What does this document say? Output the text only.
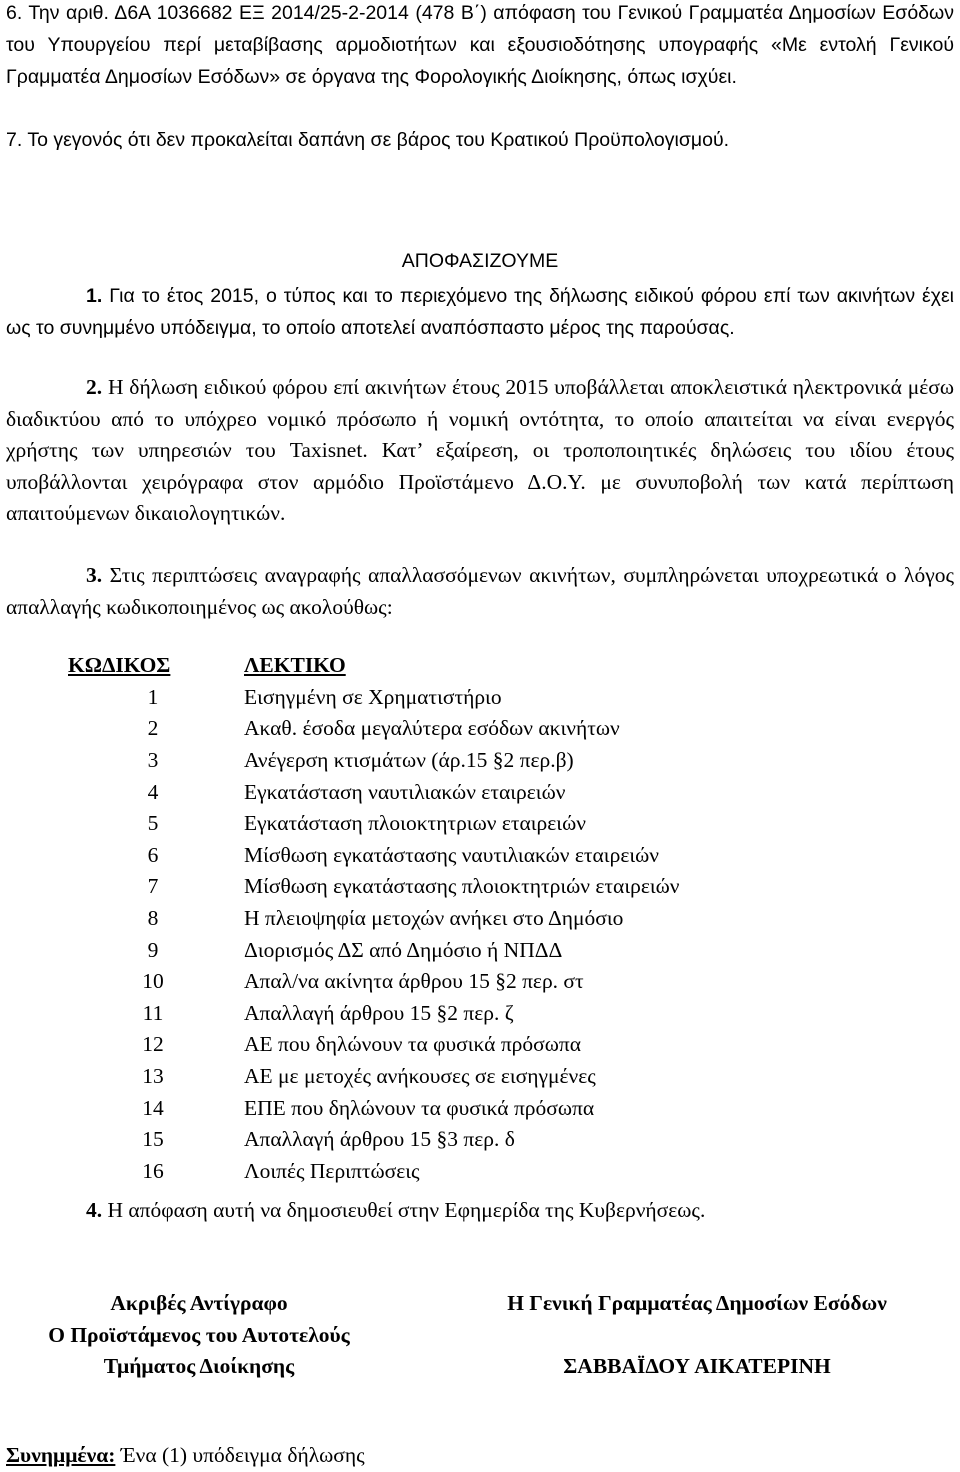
6. Την αριθ. Δ6Α 1036682 ΕΞ 2014/25-2-2014 (478 Β΄) απόφαση του Γενικού Γραμματέα Δημοσίων Εσόδων του Υπουργείου περί μεταβίβασης αρμοδιοτήτων και εξουσιοδότησης υπογραφής «Με εντολή Γενικού Γραμματέα Δημοσίων Εσόδων» σε όργανα της Φορολογικής Διοίκησης, όπως ισχύει.

7. Το γεγονός ότι δεν προκαλείται δαπάνη σε βάρος του Κρατικού Προϋπολογισμού.

ΑΠΟΦΑΣΙΖΟΥΜΕ

1. Για το έτος 2015, ο τύπος και το περιεχόμενο της δήλωσης ειδικού φόρου επί των ακινήτων έχει ως το συνημμένο υπόδειγμα, το οποίο αποτελεί αναπόσπαστο μέρος της παρούσας.

2. Η δήλωση ειδικού φόρου επί ακινήτων έτους 2015 υποβάλλεται αποκλειστικά ηλεκτρονικά μέσω διαδικτύου από το υπόχρεο νομικό πρόσωπο ή νομική οντότητα, το οποίο απαιτείται να είναι ενεργός χρήστης των υπηρεσιών του Taxisnet. Κατ’ εξαίρεση, οι τροποποιητικές δηλώσεις του ιδίου έτους υποβάλλονται χειρόγραφα στον αρμόδιο Προϊστάμενο Δ.Ο.Υ. με συνυποβολή των κατά περίπτωση απαιτούμενων δικαιολογητικών.

3. Στις περιπτώσεις αναγραφής απαλλασσόμενων ακινήτων, συμπληρώνεται υποχρεωτικά ο λόγος απαλλαγής κωδικοποιημένος ως ακολούθως:

ΚΩΔΙΚΟΣ	ΛΕΚΤΙΚΟ
1	Εισηγμένη σε Χρηματιστήριο
2	Ακαθ. έσοδα μεγαλύτερα εσόδων ακινήτων
3	Ανέγερση κτισμάτων (άρ.15 §2 περ.β)
4	Εγκατάσταση ναυτιλιακών εταιρειών
5	Εγκατάσταση πλοιοκτητριων εταιρειών
6	Μίσθωση εγκατάστασης ναυτιλιακών εταιρειών
7	Μίσθωση εγκατάστασης πλοιοκτητριών εταιρειών
8	Η πλειοψηφία μετοχών ανήκει στο Δημόσιο
9	Διορισμός ΔΣ από Δημόσιο ή ΝΠΔΔ
10	Απαλ/να ακίνητα άρθρου 15 §2 περ. στ
11	Απαλλαγή άρθρου 15 §2 περ. ζ
12	ΑΕ που δηλώνουν τα φυσικά πρόσωπα
13	ΑΕ με μετοχές ανήκουσες σε εισηγμένες
14	ΕΠΕ που δηλώνουν τα φυσικά πρόσωπα
15	Απαλλαγή άρθρου 15 §3 περ. δ
16	Λοιπές Περιπτώσεις
4. Η απόφαση αυτή να δημοσιευθεί στην Εφημερίδα της Κυβερνήσεως.
Ακριβές Αντίγραφο
Ο Προϊστάμενος του Αυτοτελούς
Τμήματος Διοίκησης
Η Γενική Γραμματέας Δημοσίων Εσόδων
ΣΑΒΒΑΪΔΟΥ ΑΙΚΑΤΕΡΙΝΗ
Συνημμένα: Ένα (1) υπόδειγμα δήλωσης
